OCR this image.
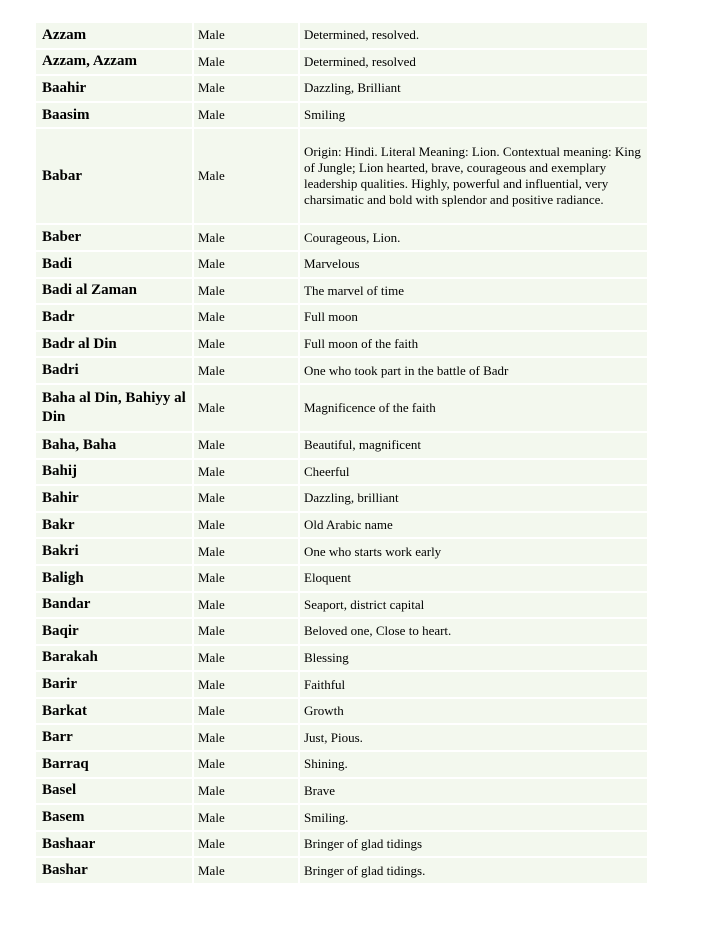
Azzam	Male	Determined, resolved.
Azzam, Azzam	Male	Determined, resolved
Baahir	Male	Dazzling, Brilliant
Baasim	Male	Smiling
Babar	Male	Origin: Hindi. Literal Meaning: Lion. Contextual meaning: King of Jungle; Lion hearted, brave, courageous and exemplary leadership qualities. Highly, powerful and influential, very charsimatic and bold with splendor and positive radiance.
Baber	Male	Courageous, Lion.
Badi	Male	Marvelous
Badi al Zaman	Male	The marvel of time
Badr	Male	Full moon
Badr al Din	Male	Full moon of the faith
Badri	Male	One who took part in the battle of Badr
Baha al Din, Bahiyy al Din	Male	Magnificence of the faith
Baha, Baha	Male	Beautiful, magnificent
Bahij	Male	Cheerful
Bahir	Male	Dazzling, brilliant
Bakr	Male	Old Arabic name
Bakri	Male	One who starts work early
Baligh	Male	Eloquent
Bandar	Male	Seaport, district capital
Baqir	Male	Beloved one, Close to heart.
Barakah	Male	Blessing
Barir	Male	Faithful
Barkat	Male	Growth
Barr	Male	Just, Pious.
Barraq	Male	Shining.
Basel	Male	Brave
Basem	Male	Smiling.
Bashaar	Male	Bringer of glad tidings
Bashar	Male	Bringer of glad tidings.
